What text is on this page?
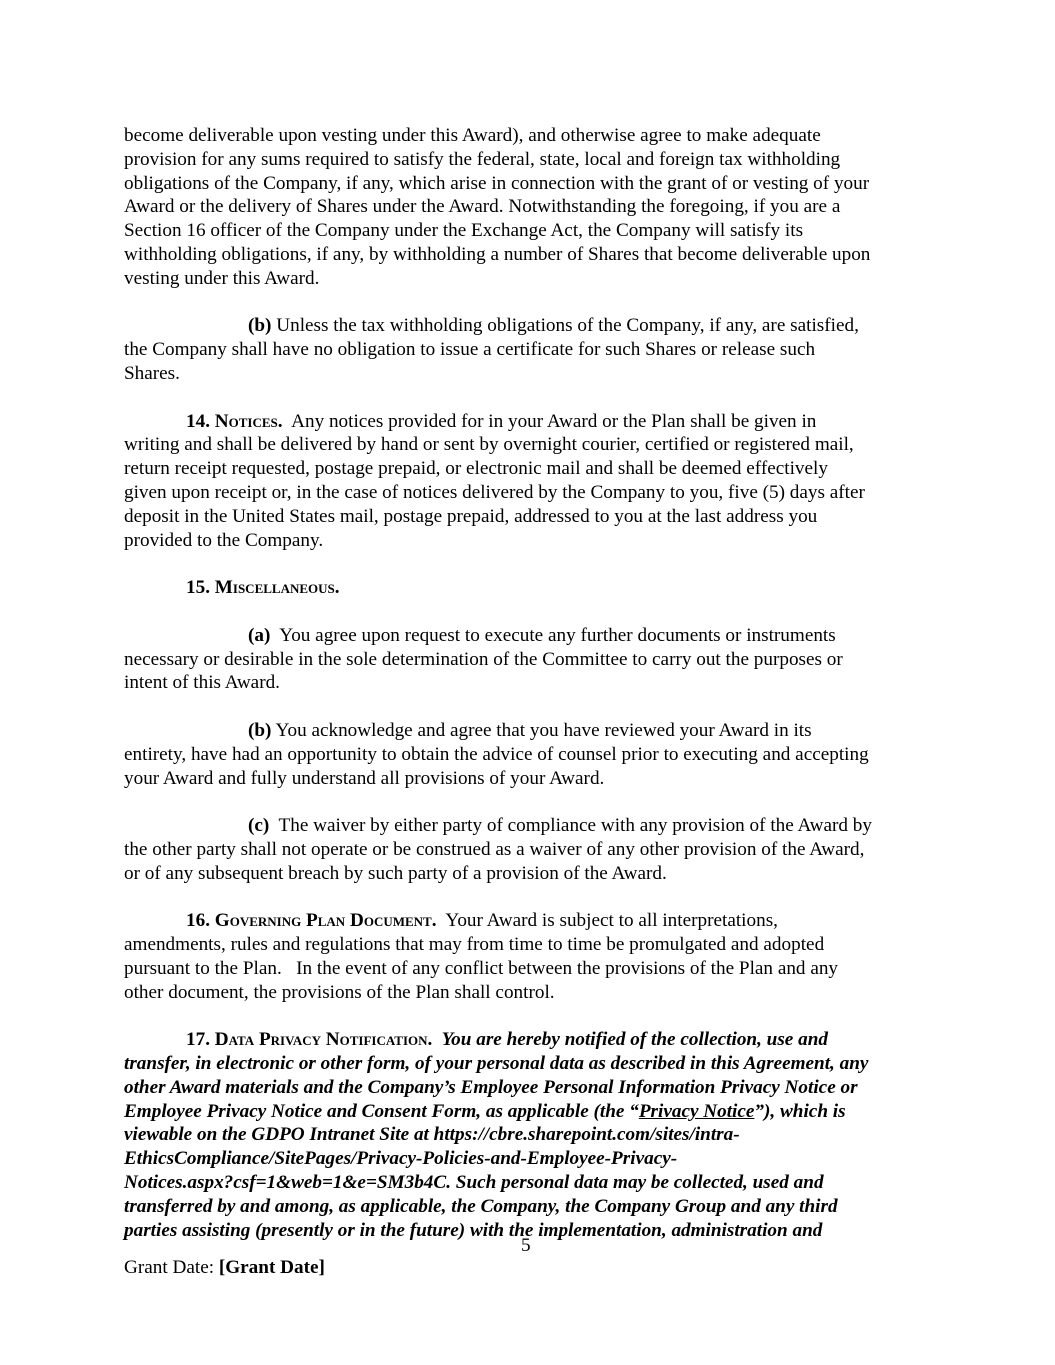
become deliverable upon vesting under this Award), and otherwise agree to make adequate
provision for any sums required to satisfy the federal, state, local and foreign tax withholding
obligations of the Company, if any, which arise in connection with the grant of or vesting of your
Award or the delivery of Shares under the Award. Notwithstanding the foregoing, if you are a
Section 16 officer of the Company under the Exchange Act, the Company will satisfy its
withholding obligations, if any, by withholding a number of Shares that become deliverable upon
vesting under this Award.

(b) Unless the tax withholding obligations of the Company, if any, are satisfied,
the Company shall have no obligation to issue a certificate for such Shares or release such
Shares.

14. Notices.  Any notices provided for in your Award or the Plan shall be given in
writing and shall be delivered by hand or sent by overnight courier, certified or registered mail,
return receipt requested, postage prepaid, or electronic mail and shall be deemed effectively
given upon receipt or, in the case of notices delivered by the Company to you, five (5) days after
deposit in the United States mail, postage prepaid, addressed to you at the last address you
provided to the Company.

15. Miscellaneous.

(a)  You agree upon request to execute any further documents or instruments
necessary or desirable in the sole determination of the Committee to carry out the purposes or
intent of this Award.

(b) You acknowledge and agree that you have reviewed your Award in its
entirety, have had an opportunity to obtain the advice of counsel prior to executing and accepting
your Award and fully understand all provisions of your Award.

(c)  The waiver by either party of compliance with any provision of the Award by
the other party shall not operate or be construed as a waiver of any other provision of the Award,
or of any subsequent breach by such party of a provision of the Award.

16. Governing Plan Document.  Your Award is subject to all interpretations,
amendments, rules and regulations that may from time to time be promulgated and adopted
pursuant to the Plan.   In the event of any conflict between the provisions of the Plan and any
other document, the provisions of the Plan shall control.

17. Data Privacy Notification.  You are hereby notified of the collection, use and
transfer, in electronic or other form, of your personal data as described in this Agreement, any
other Award materials and the Company’s Employee Personal Information Privacy Notice or
Employee Privacy Notice and Consent Form, as applicable (the “Privacy Notice”), which is
viewable on the GDPO Intranet Site at https://cbre.sharepoint.com/sites/intra-
EthicsCompliance/SitePages/Privacy-Policies-and-Employee-Privacy-
Notices.aspx?csf=1&web=1&e=SM3b4C. Such personal data may be collected, used and
transferred by and among, as applicable, the Company, the Company Group and any third
parties assisting (presently or in the future) with the implementation, administration and

5
Grant Date: [Grant Date]
